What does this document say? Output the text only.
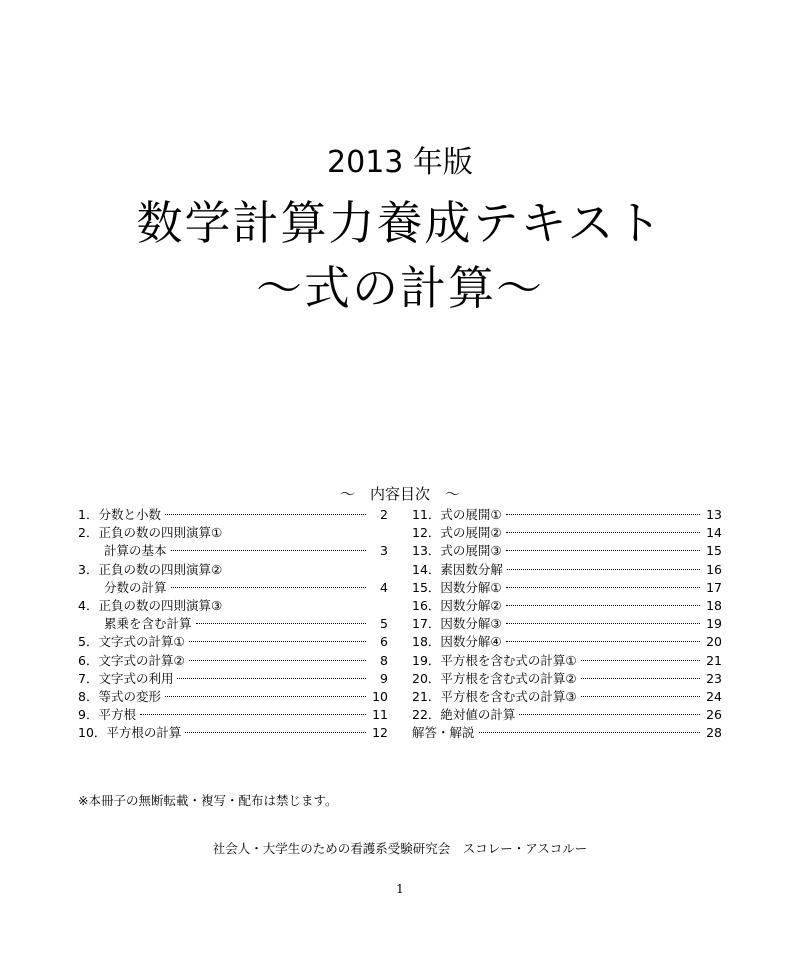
2013 年版
数学計算力養成テキスト
～式の計算～
～　内容目次　～
1．分数と小数	2
2．正負の数の四則演算①
計算の基本	3
3．正負の数の四則演算②
分数の計算	4
4．正負の数の四則演算③
累乗を含む計算	5
5．文字式の計算①	6
6．文字式の計算②	8
7．文字式の利用	9
8．等式の変形	10
9．平方根	11
10．平方根の計算	12
11．式の展開①	13
12．式の展開②	14
13．式の展開③	15
14．素因数分解	16
15．因数分解①	17
16．因数分解②	18
17．因数分解③	19
18．因数分解④	20
19．平方根を含む式の計算①	21
20．平方根を含む式の計算②	23
21．平方根を含む式の計算③	24
22．絶対値の計算	26
解答・解説	28
※本冊子の無断転載・複写・配布は禁じます。
社会人・大学生のための看護系受験研究会　スコレー・アスコルー
1
